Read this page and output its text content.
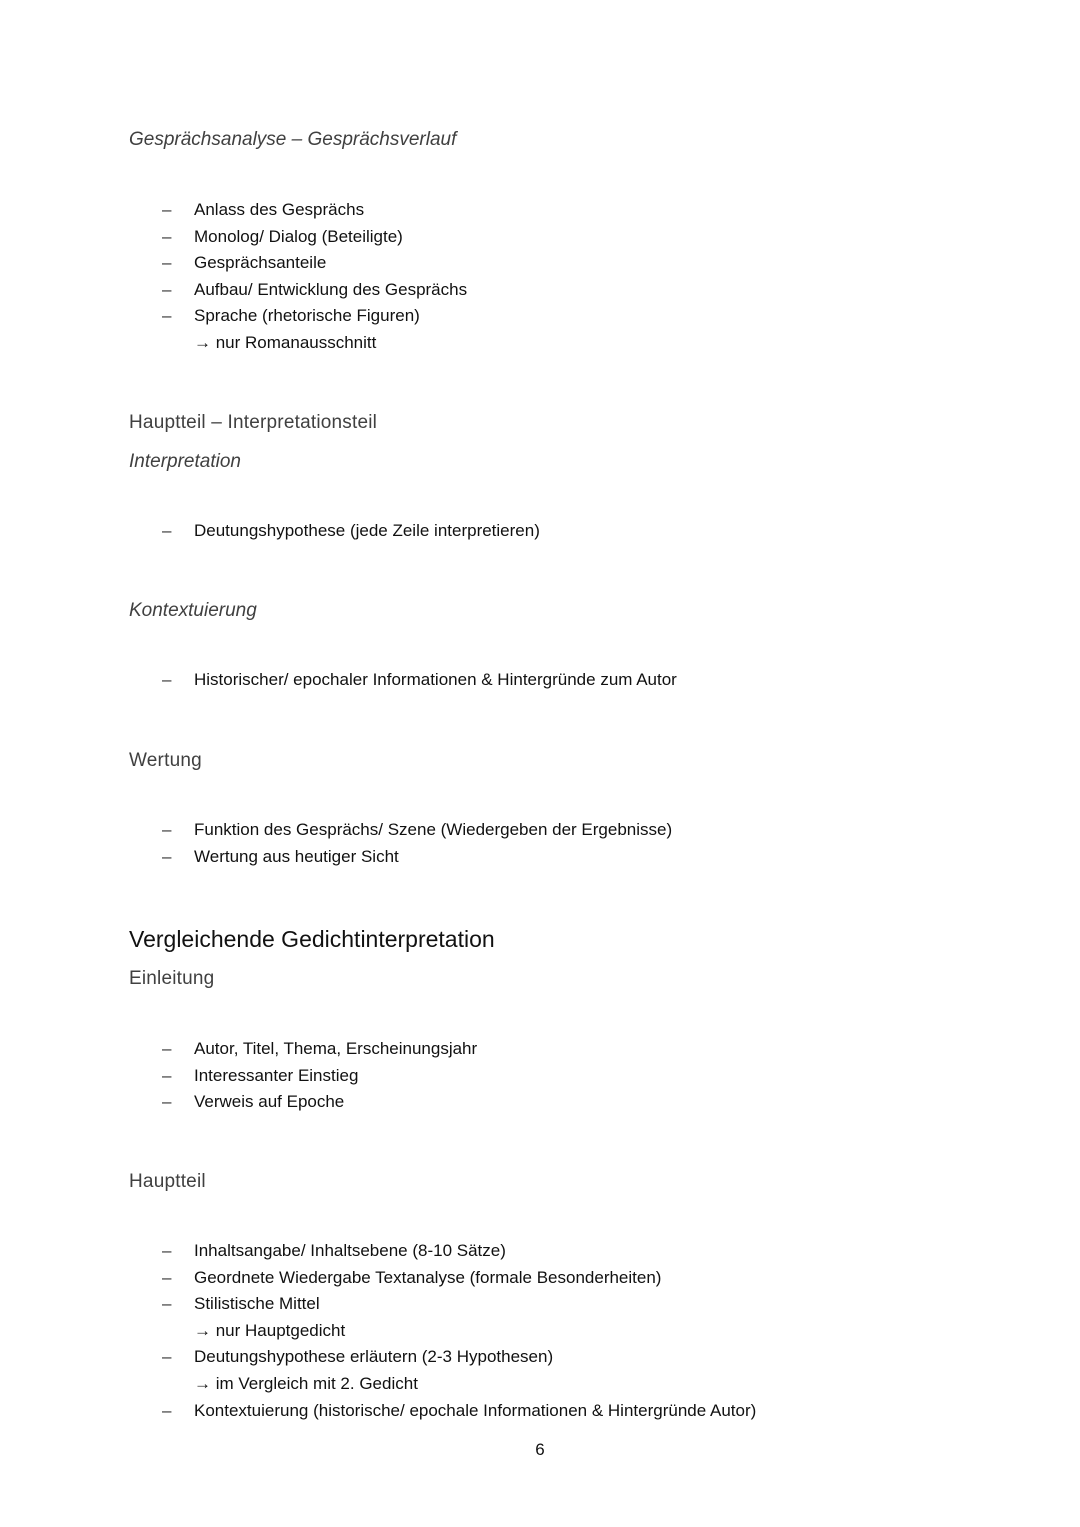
Gesprächsanalyse – Gesprächsverlauf
– Anlass des Gesprächs
– Monolog/ Dialog (Beteiligte)
– Gesprächsanteile
– Aufbau/ Entwicklung des Gesprächs
– Sprache (rhetorische Figuren)
→ nur Romanausschnitt
Hauptteil – Interpretationsteil
Interpretation
– Deutungshypothese (jede Zeile interpretieren)
Kontextuierung
– Historischer/ epochaler Informationen & Hintergründe zum Autor
Wertung
– Funktion des Gesprächs/ Szene (Wiedergeben der Ergebnisse)
– Wertung aus heutiger Sicht
Vergleichende Gedichtinterpretation
Einleitung
– Autor, Titel, Thema, Erscheinungsjahr
– Interessanter Einstieg
– Verweis auf Epoche
Hauptteil
– Inhaltsangabe/ Inhaltsebene (8-10 Sätze)
– Geordnete Wiedergabe Textanalyse (formale Besonderheiten)
– Stilistische Mittel
→ nur Hauptgedicht
– Deutungshypothese erläutern (2-3 Hypothesen)
→ im Vergleich mit 2. Gedicht
– Kontextuierung (historische/ epochale Informationen & Hintergründe Autor)
6
